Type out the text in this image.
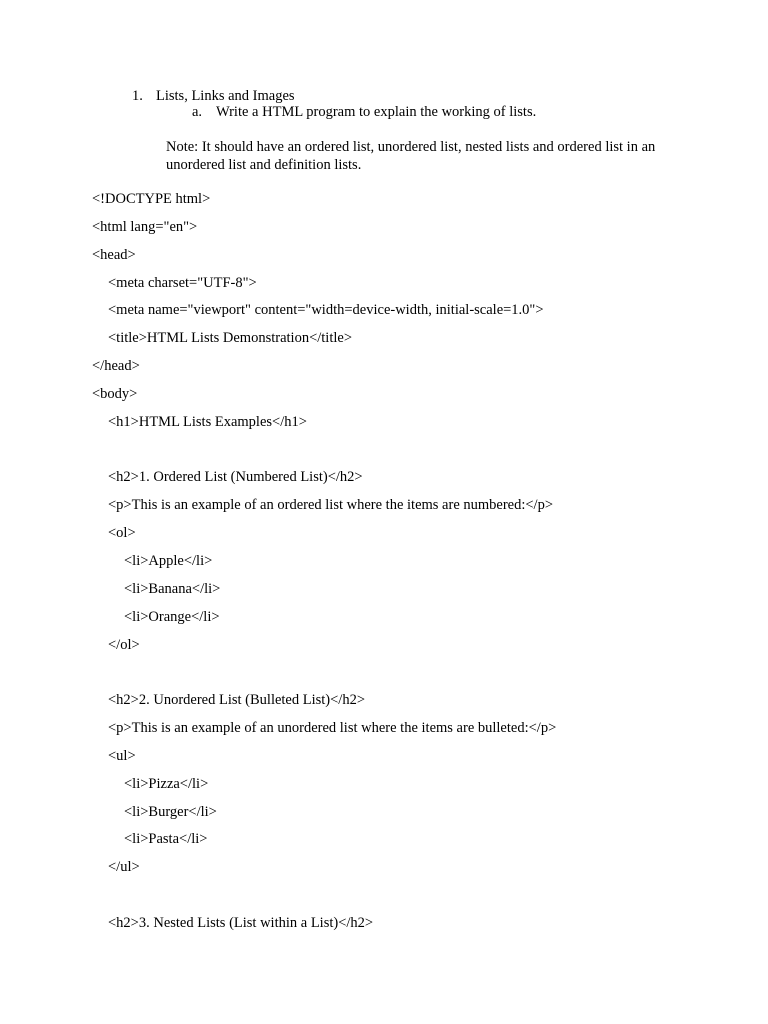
1. Lists, Links and Images
a. Write a HTML program to explain the working of lists.
Note: It should have an ordered list, unordered list, nested lists and ordered list in an unordered list and definition lists.
<!DOCTYPE html>
<html lang="en">
<head>
<meta charset="UTF-8">
<meta name="viewport" content="width=device-width, initial-scale=1.0">
<title>HTML Lists Demonstration</title>
</head>
<body>
<h1>HTML Lists Examples</h1>
<h2>1. Ordered List (Numbered List)</h2>
<p>This is an example of an ordered list where the items are numbered:</p>
<ol>
<li>Apple</li>
<li>Banana</li>
<li>Orange</li>
</ol>
<h2>2. Unordered List (Bulleted List)</h2>
<p>This is an example of an unordered list where the items are bulleted:</p>
<ul>
<li>Pizza</li>
<li>Burger</li>
<li>Pasta</li>
</ul>
<h2>3. Nested Lists (List within a List)</h2>
